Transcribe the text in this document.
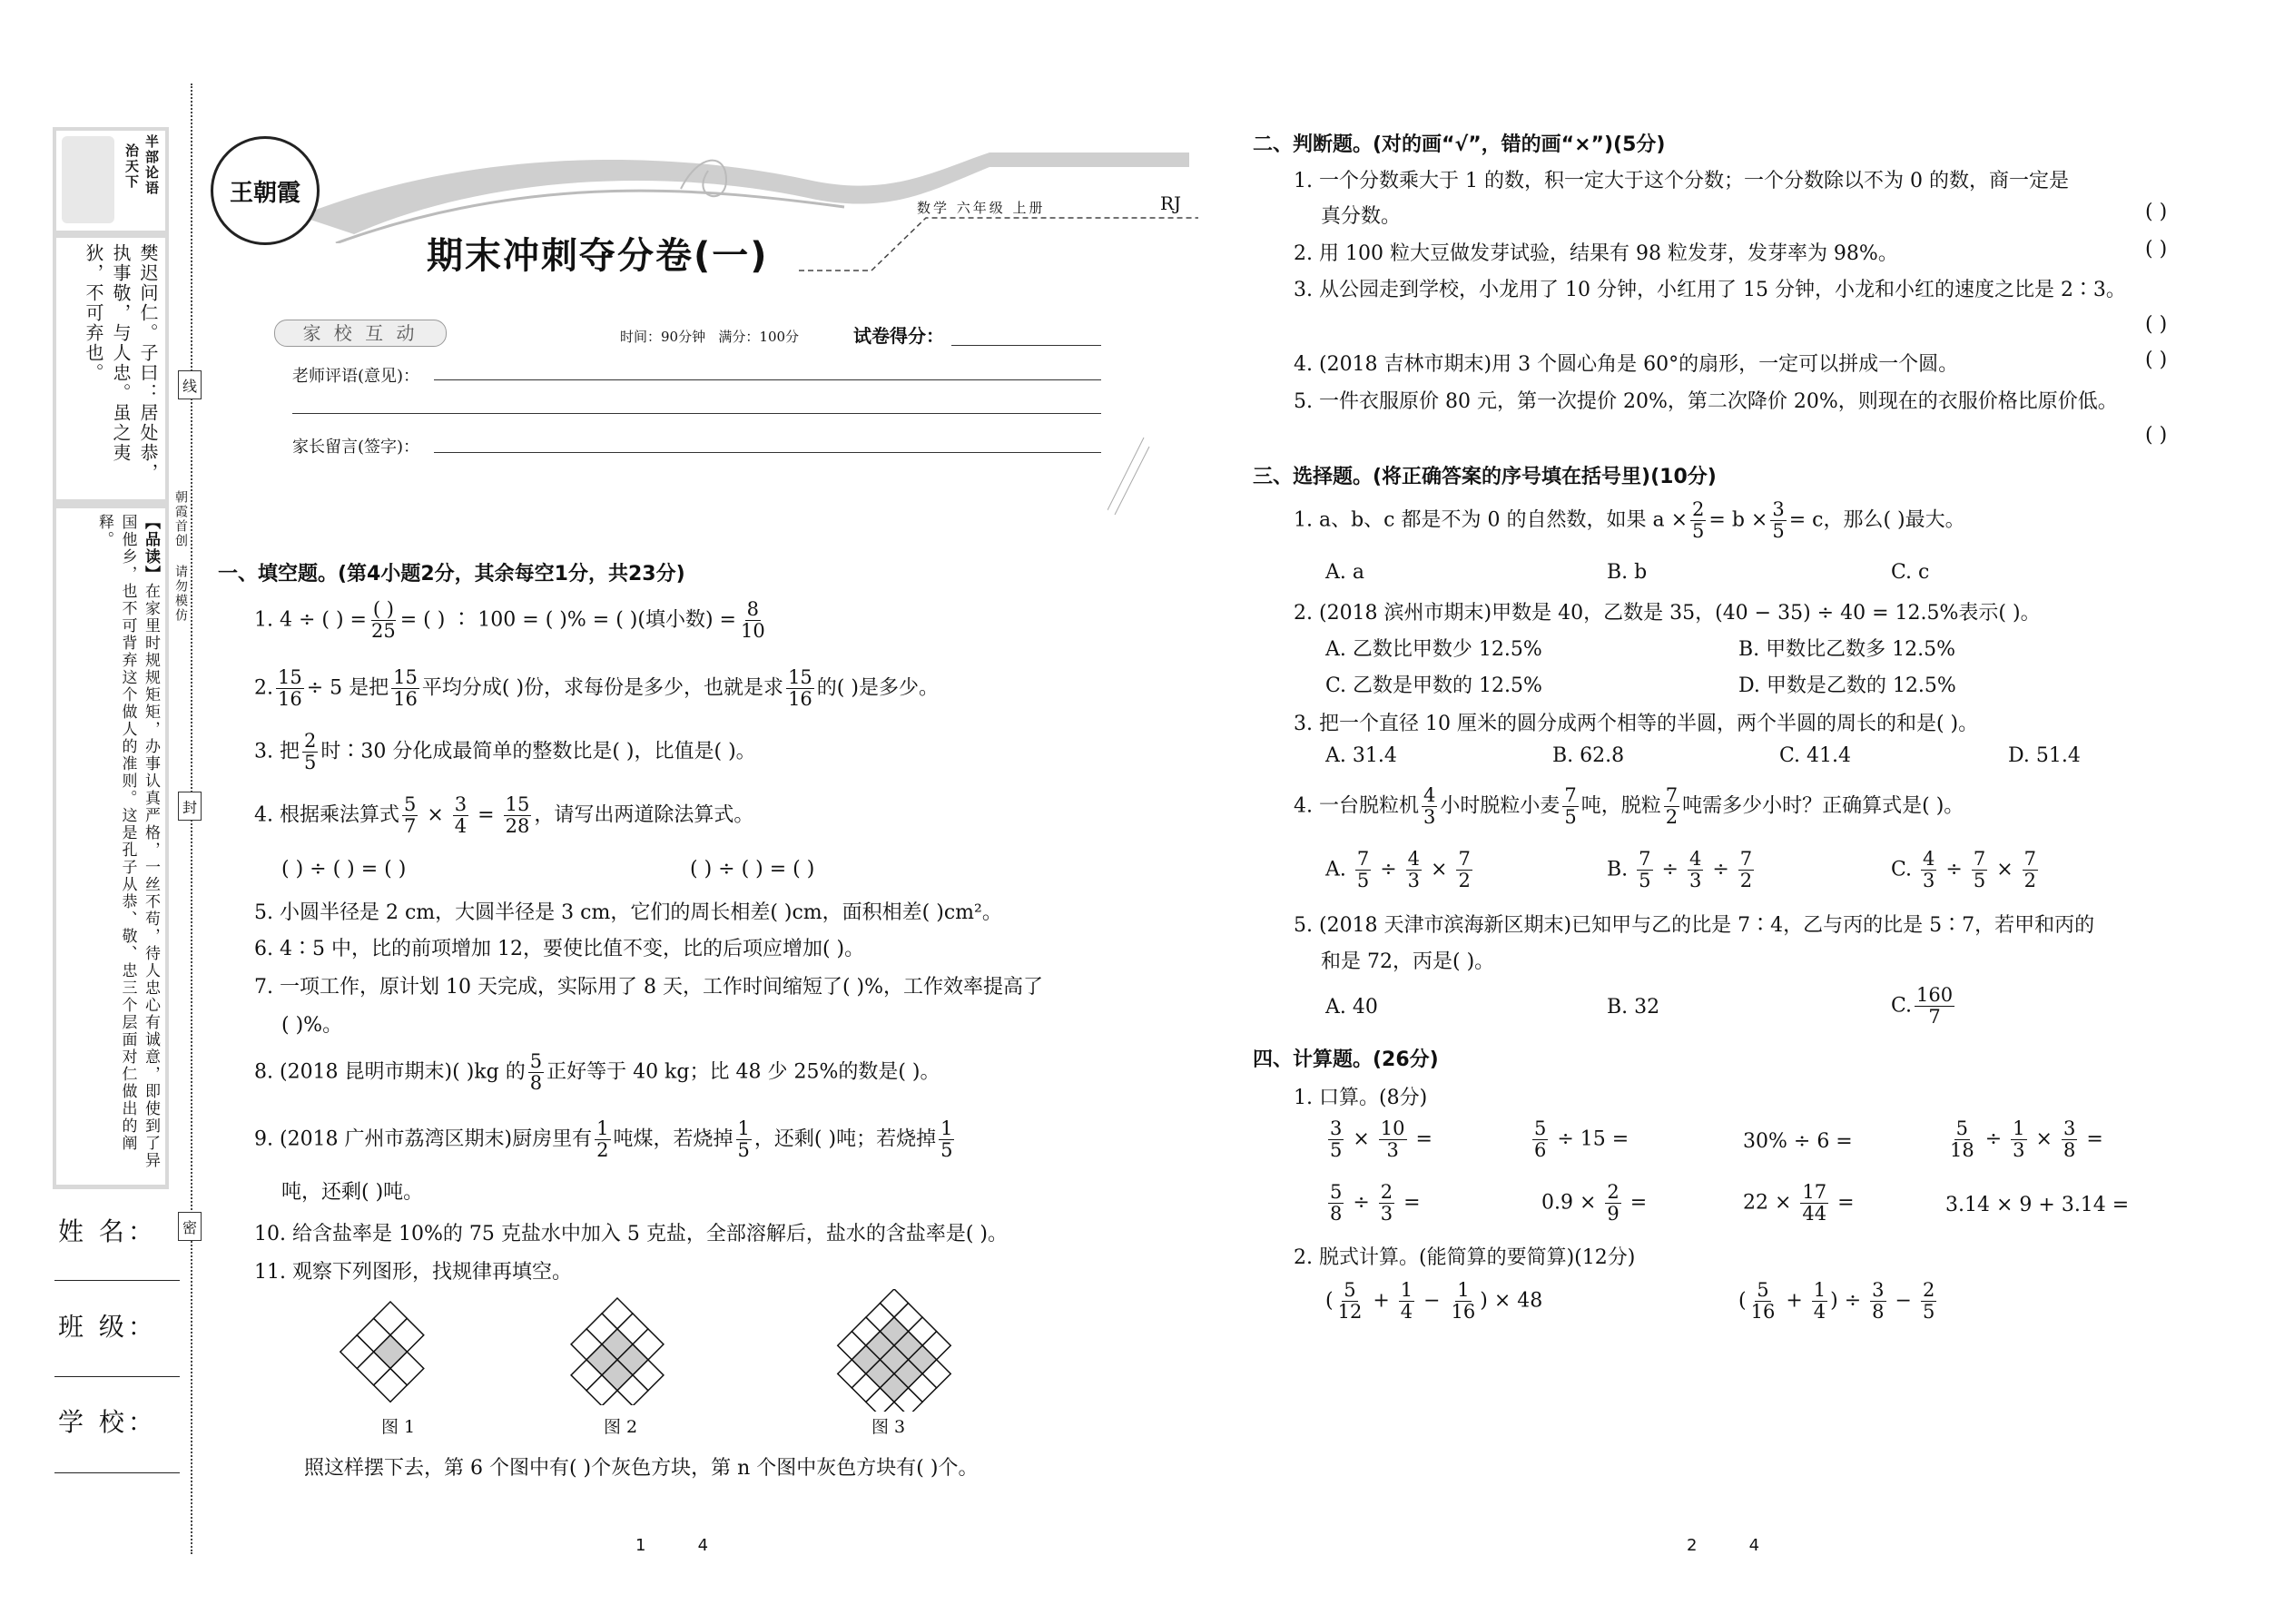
半部论语
治天下
樊迟问仁。子曰：居处恭，执事敬，与人忠。虽之夷狄，不可弃也。
【品读】在家里时规规矩矩，办事认真严格，一丝不苟，待人忠心有诚意，即使到了异国他乡，也不可背弃这个做人的准则。这是孔子从恭、敬、忠三个层面对仁做出的阐释。	朝霞首创 请勿模仿
线
封
密
姓 名：
班 级：
学 校：
王朝霞
数学 六年级 上册	RJ
期末冲刺夺分卷(一)
家 校 互 动	时间：90分钟 满分：100分	试卷得分：
老师评语(意见)：
家长留言(签字)：
一、填空题。(第4小题2分，其余每空1分，共23分)
1. 4 ÷ ( ) = $\frac{( )}{25}$ = ( ) ∶ 100 = ( )% = ( )(填小数) = $\frac{8}{10}$
2. $\frac{15}{16} \div 5$ 是把 $\frac{15}{16}$ 平均分成( )份，求每份是多少，也就是求 $\frac{15}{16}$ 的( )是多少。
3. 把 $\frac{2}{5}$ 时∶30 分化成最简单的整数比是( )，比值是( )。
4. 根据乘法算式 $\frac{5}{7} \times \frac{3}{4} = \frac{15}{28}$ ，请写出两道除法算式。
( ) ÷ ( ) = ( )	( ) ÷ ( ) = ( )
5. 小圆半径是 2 cm，大圆半径是 3 cm，它们的周长相差( )cm，面积相差( )cm²。
6. 4∶5 中，比的前项增加 12，要使比值不变，比的后项应增加( )。
7. 一项工作，原计划 10 天完成，实际用了 8 天，工作时间缩短了( )%，工作效率提高了
( )%。
8. (2018 昆明市期末)( )kg 的 $\frac{5}{8}$ 正好等于 40 kg；比 48 少 25%的数是( )。
9. (2018 广州市荔湾区期末)厨房里有 $\frac{1}{2}$ 吨煤，若烧掉 $\frac{1}{5}$ ，还剩( )吨；若烧掉 $\frac{1}{5}$
吨，还剩( )吨。
10. 给含盐率是 10%的 75 克盐水中加入 5 克盐，全部溶解后，盐水的含盐率是( )。
11. 观察下列图形，找规律再填空。
图 1	图 2	图 3
照这样摆下去，第 6 个图中有( )个灰色方块，第 n 个图中灰色方块有( )个。
1          4
二、判断题。(对的画“√”，错的画“×”)(5分)
1. 一个分数乘大于 1 的数，积一定大于这个分数；一个分数除以不为 0 的数，商一定是
真分数。	( )
2. 用 100 粒大豆做发芽试验，结果有 98 粒发芽，发芽率为 98%。	( )
3. 从公园走到学校，小龙用了 10 分钟，小红用了 15 分钟，小龙和小红的速度之比是 2∶3。
( )
4. (2018 吉林市期末)用 3 个圆心角是 60°的扇形，一定可以拼成一个圆。	( )
5. 一件衣服原价 80 元，第一次提价 20%，第二次降价 20%，则现在的衣服价格比原价低。
( )
三、选择题。(将正确答案的序号填在括号里)(10分)
1. a、b、c 都是不为 0 的自然数，如果 $a \times \frac{2}{5} = b \times \frac{3}{5} = c$，那么( )最大。
A. a	B. b	C. c
2. (2018 滨州市期末)甲数是 40，乙数是 35，(40 − 35) ÷ 40 = 12.5%表示( )。
A. 乙数比甲数少 12.5%	B. 甲数比乙数多 12.5%
C. 乙数是甲数的 12.5%	D. 甲数是乙数的 12.5%
3. 把一个直径 10 厘米的圆分成两个相等的半圆，两个半圆的周长的和是( )。
A. 31.4	B. 62.8	C. 41.4	D. 51.4
4. 一台脱粒机 $\frac{4}{3}$ 小时脱粒小麦 $\frac{7}{5}$ 吨，脱粒 $\frac{7}{2}$ 吨需多少小时？正确算式是( )。
A. $\frac{7}{5} \div \frac{4}{3} \times \frac{7}{2}$	B. $\frac{7}{5} \div \frac{4}{3} \div \frac{7}{2}$	C. $\frac{4}{3} \div \frac{7}{5} \times \frac{7}{2}$
5. (2018 天津市滨海新区期末)已知甲与乙的比是 7∶4，乙与丙的比是 5∶7，若甲和丙的
和是 72，丙是( )。
A. 40	B. 32	C. $\frac{160}{7}$
四、计算题。(26分)
1. 口算。(8分)
$\frac{3}{5} \times \frac{10}{3}$ =	$\frac{5}{6} \div 15$ =	30% ÷ 6 =	$\frac{5}{18} \div \frac{1}{3} \times \frac{3}{8}$ =
$\frac{5}{8} \div \frac{2}{3}$ =	$0.9 \times \frac{2}{9}$ =	$22 \times \frac{17}{44}$ =	3.14 × 9 + 3.14 =
2. 脱式计算。(能简算的要简算)(12分)
( $\frac{5}{12} + \frac{1}{4} - \frac{1}{16}$ ) × 48	( $\frac{5}{16} + \frac{1}{4}$ ) ÷ $\frac{3}{8} - \frac{2}{5}$
2          4
